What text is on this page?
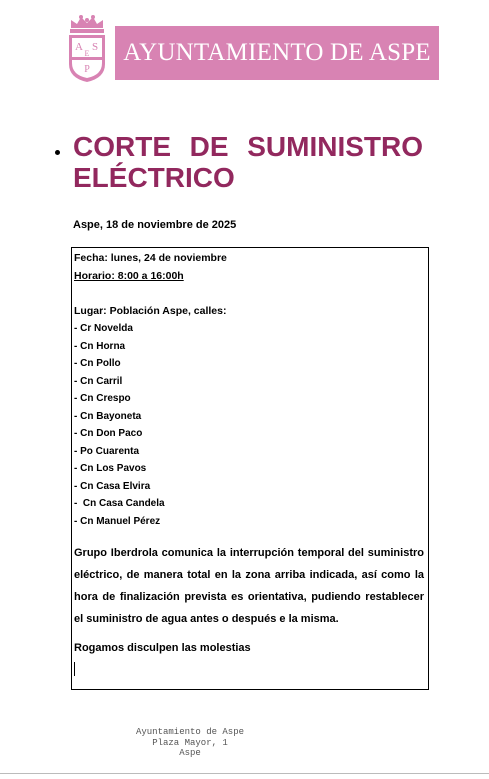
A S
P
E AYUNTAMIENTO DE ASPE
CORTE DE SUMINISTRO
ELÉCTRICO
Aspe, 18 de noviembre de 2025
Fecha: lunes, 24 de noviembre
Horario: 8:00 a 16:00h
Lugar: Población Aspe, calles:
- Cr Novelda
- Cn Horna
- Cn Pollo
- Cn Carril
- Cn Crespo
- Cn Bayoneta
- Cn Don Paco
- Po Cuarenta
- Cn Los Pavos
- Cn Casa Elvira
-  Cn Casa Candela
- Cn Manuel Pérez
Grupo Iberdrola comunica la interrupción temporal del suministro eléctrico, de manera total en la zona arriba indicada, así como la hora de finalización prevista es orientativa, pudiendo restablecer el suministro de agua antes o después e la misma.
Rogamos disculpen las molestias
Ayuntamiento de Aspe
Plaza Mayor, 1
Aspe
